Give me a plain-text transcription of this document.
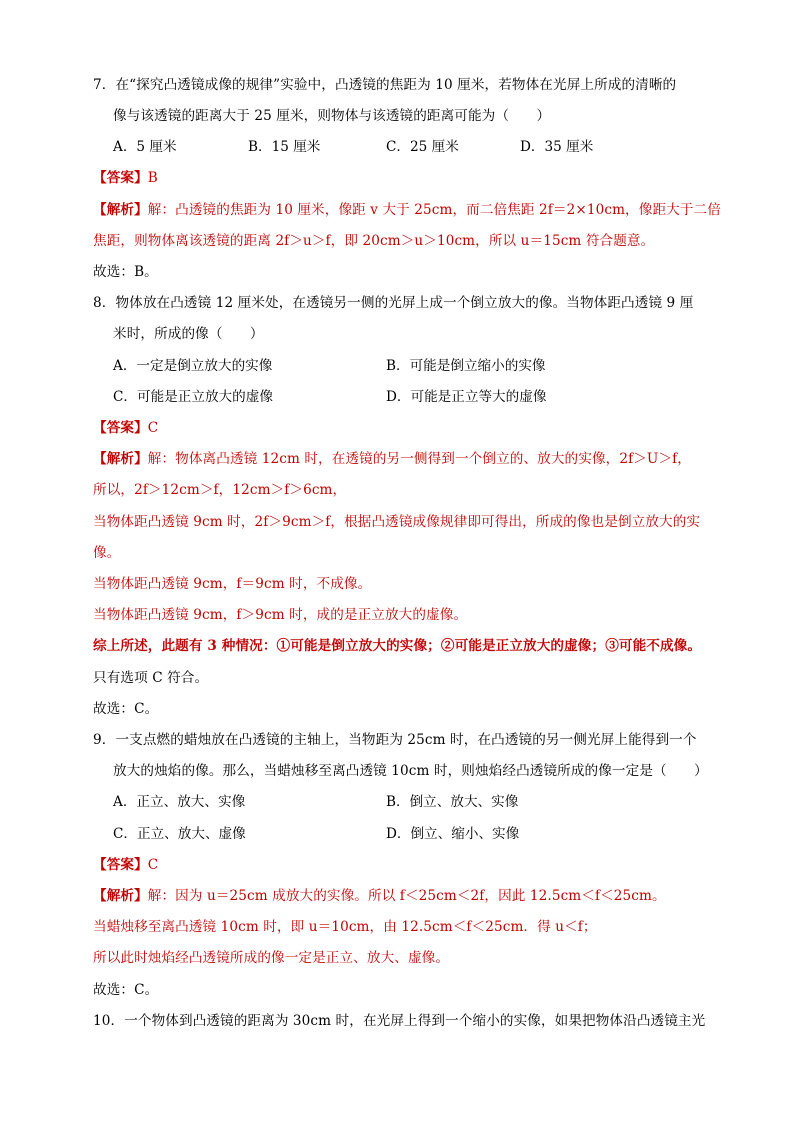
7．在“探究凸透镜成像的规律”实验中，凸透镜的焦距为 10 厘米，若物体在光屏上所成的清晰的
像与该透镜的距离大于 25 厘米，则物体与该透镜的距离可能为（　　）
A．5 厘米	B．15 厘米	C．25 厘米	D．35 厘米
【答案】B
【解析】解：凸透镜的焦距为 10 厘米，像距 v 大于 25cm，而二倍焦距 2f＝2×10cm，像距大于二倍
焦距，则物体离该透镜的距离 2f＞u＞f，即 20cm＞u＞10cm，所以 u＝15cm 符合题意。
故选：B。
8．物体放在凸透镜 12 厘米处，在透镜另一侧的光屏上成一个倒立放大的像。当物体距凸透镜 9 厘
米时，所成的像（　　）
A．一定是倒立放大的实像	B．可能是倒立缩小的实像
C．可能是正立放大的虚像	D．可能是正立等大的虚像
【答案】C
【解析】解：物体离凸透镜 12cm 时，在透镜的另一侧得到一个倒立的、放大的实像，2f＞U＞f，
所以，2f＞12cm＞f，12cm＞f＞6cm，
当物体距凸透镜 9cm 时，2f＞9cm＞f，根据凸透镜成像规律即可得出，所成的像也是倒立放大的实
像。
当物体距凸透镜 9cm，f＝9cm 时，不成像。
当物体距凸透镜 9cm，f＞9cm 时，成的是正立放大的虚像。
综上所述，此题有 3 种情况：①可能是倒立放大的实像；②可能是正立放大的虚像；③可能不成像。
只有选项 C 符合。
故选：C。
9．一支点燃的蜡烛放在凸透镜的主轴上，当物距为 25cm 时，在凸透镜的另一侧光屏上能得到一个
放大的烛焰的像。那么，当蜡烛移至离凸透镜 10cm 时，则烛焰经凸透镜所成的像一定是（　　）
A．正立、放大、实像	B．倒立、放大、实像
C．正立、放大、虚像	D．倒立、缩小、实像
【答案】C
【解析】解：因为 u＝25cm 成放大的实像。所以 f＜25cm＜2f，因此 12.5cm＜f＜25cm。
当蜡烛移至离凸透镜 10cm 时，即 u＝10cm，由 12.5cm＜f＜25cm．得 u＜f；
所以此时烛焰经凸透镜所成的像一定是正立、放大、虚像。
故选：C。
10．一个物体到凸透镜的距离为 30cm 时，在光屏上得到一个缩小的实像，如果把物体沿凸透镜主光
